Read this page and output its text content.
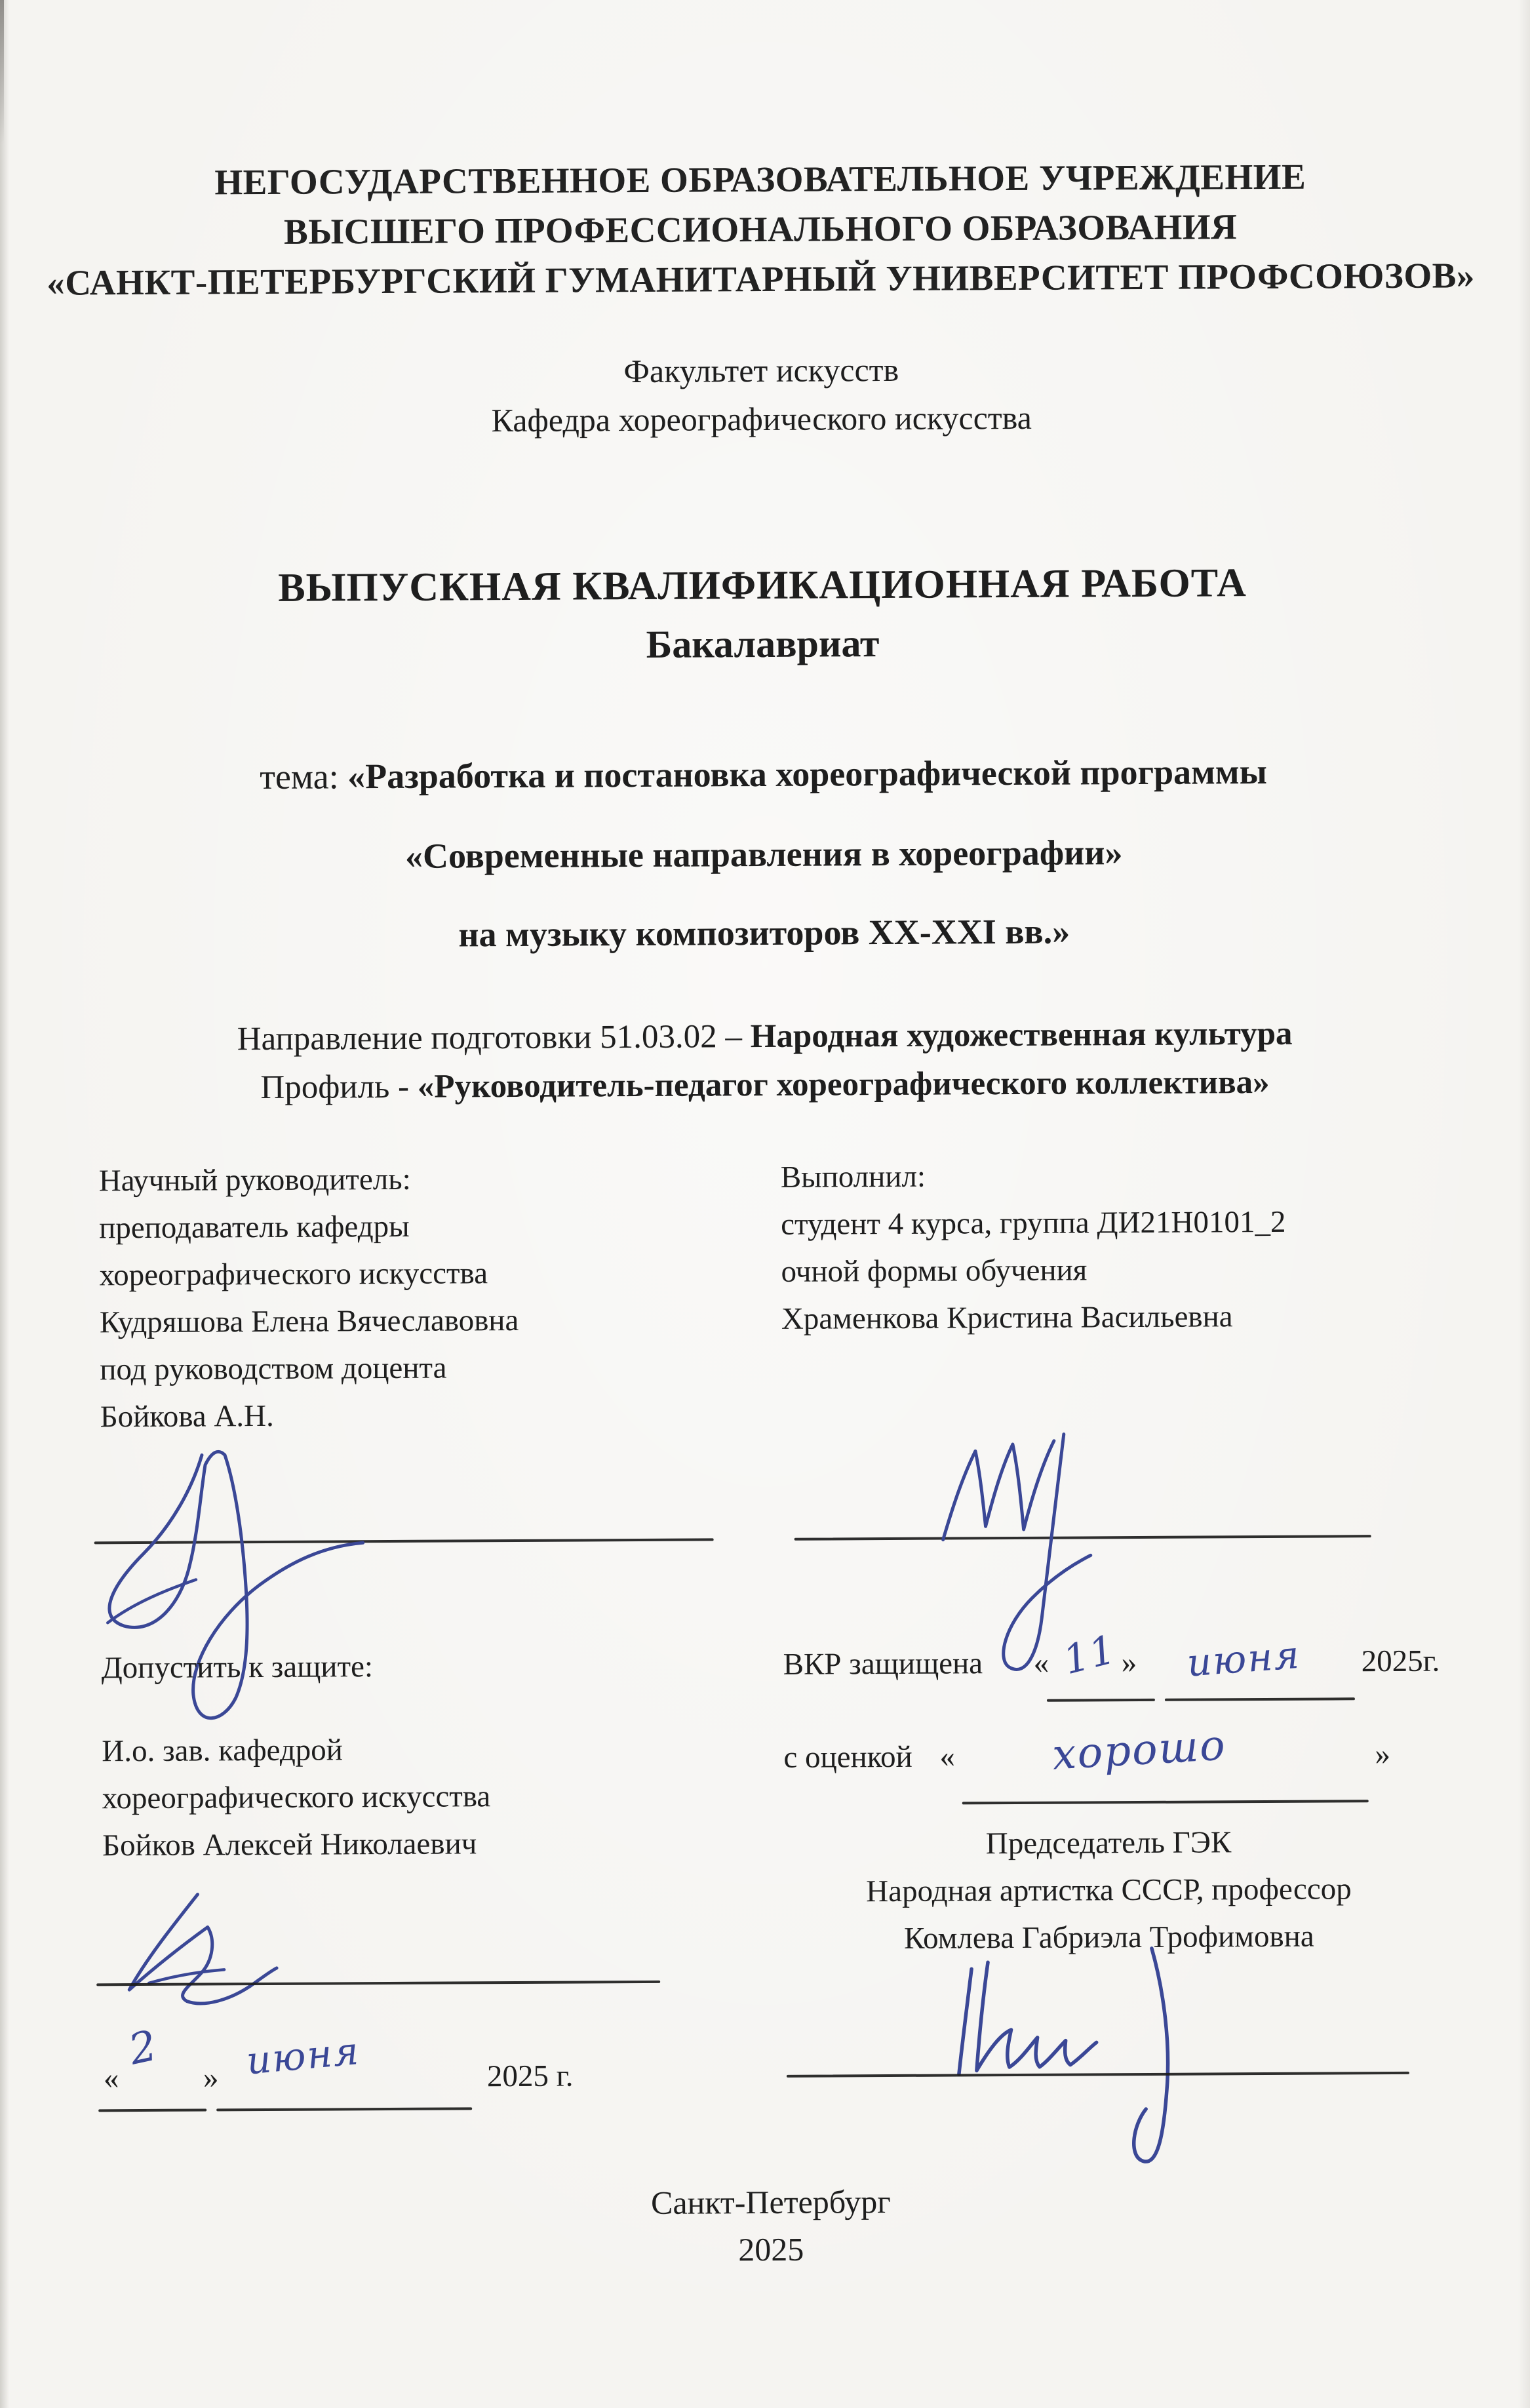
НЕГОСУДАРСТВЕННОЕ ОБРАЗОВАТЕЛЬНОЕ УЧРЕЖДЕНИЕ
ВЫСШЕГО ПРОФЕССИОНАЛЬНОГО ОБРАЗОВАНИЯ
«САНКТ-ПЕТЕРБУРГСКИЙ ГУМАНИТАРНЫЙ УНИВЕРСИТЕТ ПРОФСОЮЗОВ»
Факультет искусств
Кафедра хореографического искусства
ВЫПУСКНАЯ КВАЛИФИКАЦИОННАЯ РАБОТА
Бакалавриат
тема: «Разработка и постановка хореографической программы
«Современные направления в хореографии»
на музыку композиторов XX-XXI вв.»
Направление подготовки 51.03.02 – Народная художественная культура
Профиль - «Руководитель-педагог хореографического коллектива»
Научный руководитель:
преподаватель кафедры
хореографического искусства
Кудряшова Елена Вячеславовна
под руководством доцента
Бойкова А.Н.
Выполнил:
студент 4 курса, группа ДИ21Н0101_2
очной формы обучения
Храменкова Кристина Васильевна
Допустить к защите:	ВКР защищена « 11 » июня 2025г.
с оценкой « хорошо	»
И.о. зав. кафедрой
хореографического искусства
Бойков Алексей Николаевич	Председатель ГЭК
Народная артистка СССР, профессор
Комлева Габриэла Трофимовна
«
2
» июня	2025 г.
Санкт-Петербург
2025
